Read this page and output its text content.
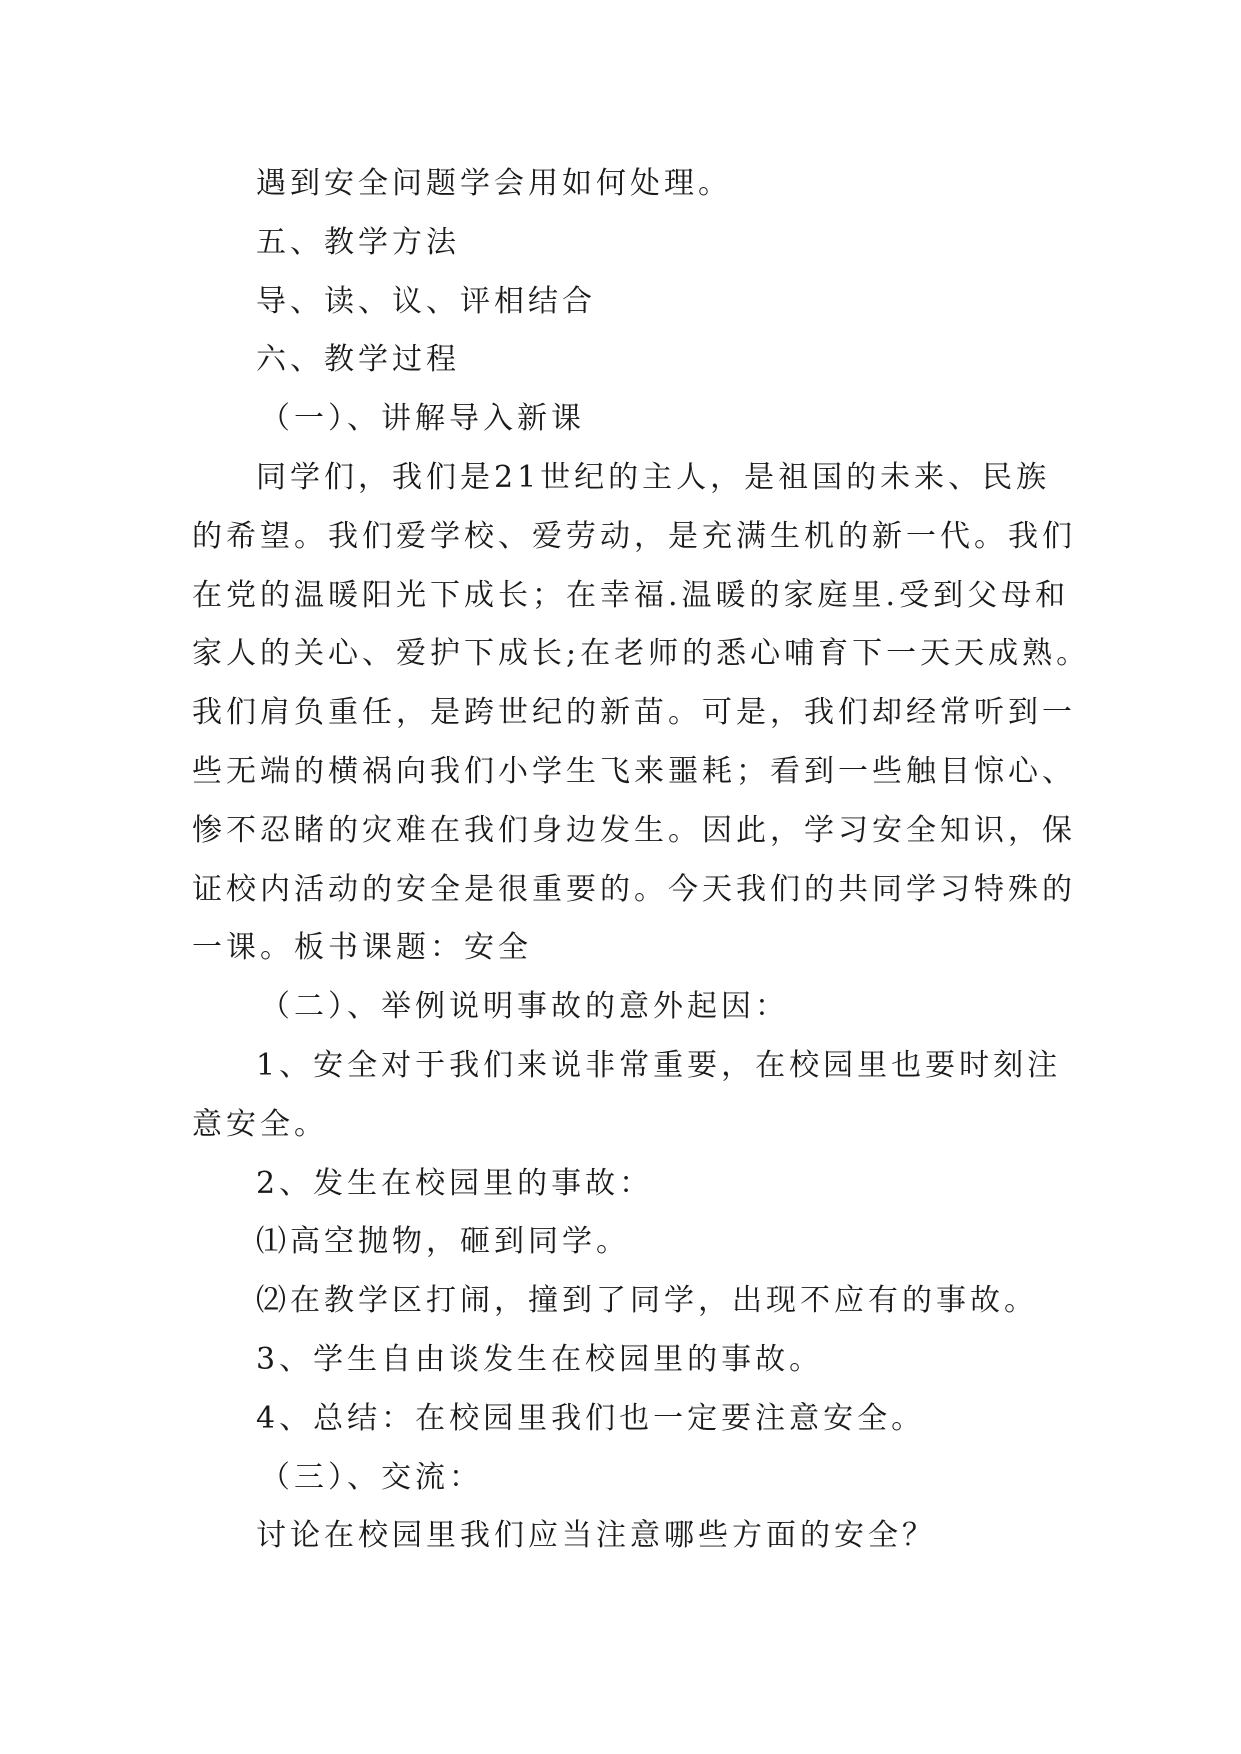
遇到安全问题学会用如何处理。
五、教学方法
导、读、议、评相结合
六、教学过程
（一）、讲解导入新课
同学们，我们是21世纪的主人，是祖国的未来、民族
的希望。我们爱学校、爱劳动，是充满生机的新一代。我们
在党的温暖阳光下成长；在幸福.温暖的家庭里.受到父母和
家人的关心、爱护下成长;在老师的悉心哺育下一天天成熟。
我们肩负重任，是跨世纪的新苗。可是，我们却经常听到一
些无端的横祸向我们小学生飞来噩耗；看到一些触目惊心、
惨不忍睹的灾难在我们身边发生。因此，学习安全知识，保
证校内活动的安全是很重要的。今天我们的共同学习特殊的
一课。板书课题：安全
（二）、举例说明事故的意外起因：
1、安全对于我们来说非常重要，在校园里也要时刻注
意安全。
2、发生在校园里的事故：
⑴高空抛物，砸到同学。
⑵在教学区打闹，撞到了同学，出现不应有的事故。
3、学生自由谈发生在校园里的事故。
4、总结：在校园里我们也一定要注意安全。
（三）、交流：
讨论在校园里我们应当注意哪些方面的安全？
